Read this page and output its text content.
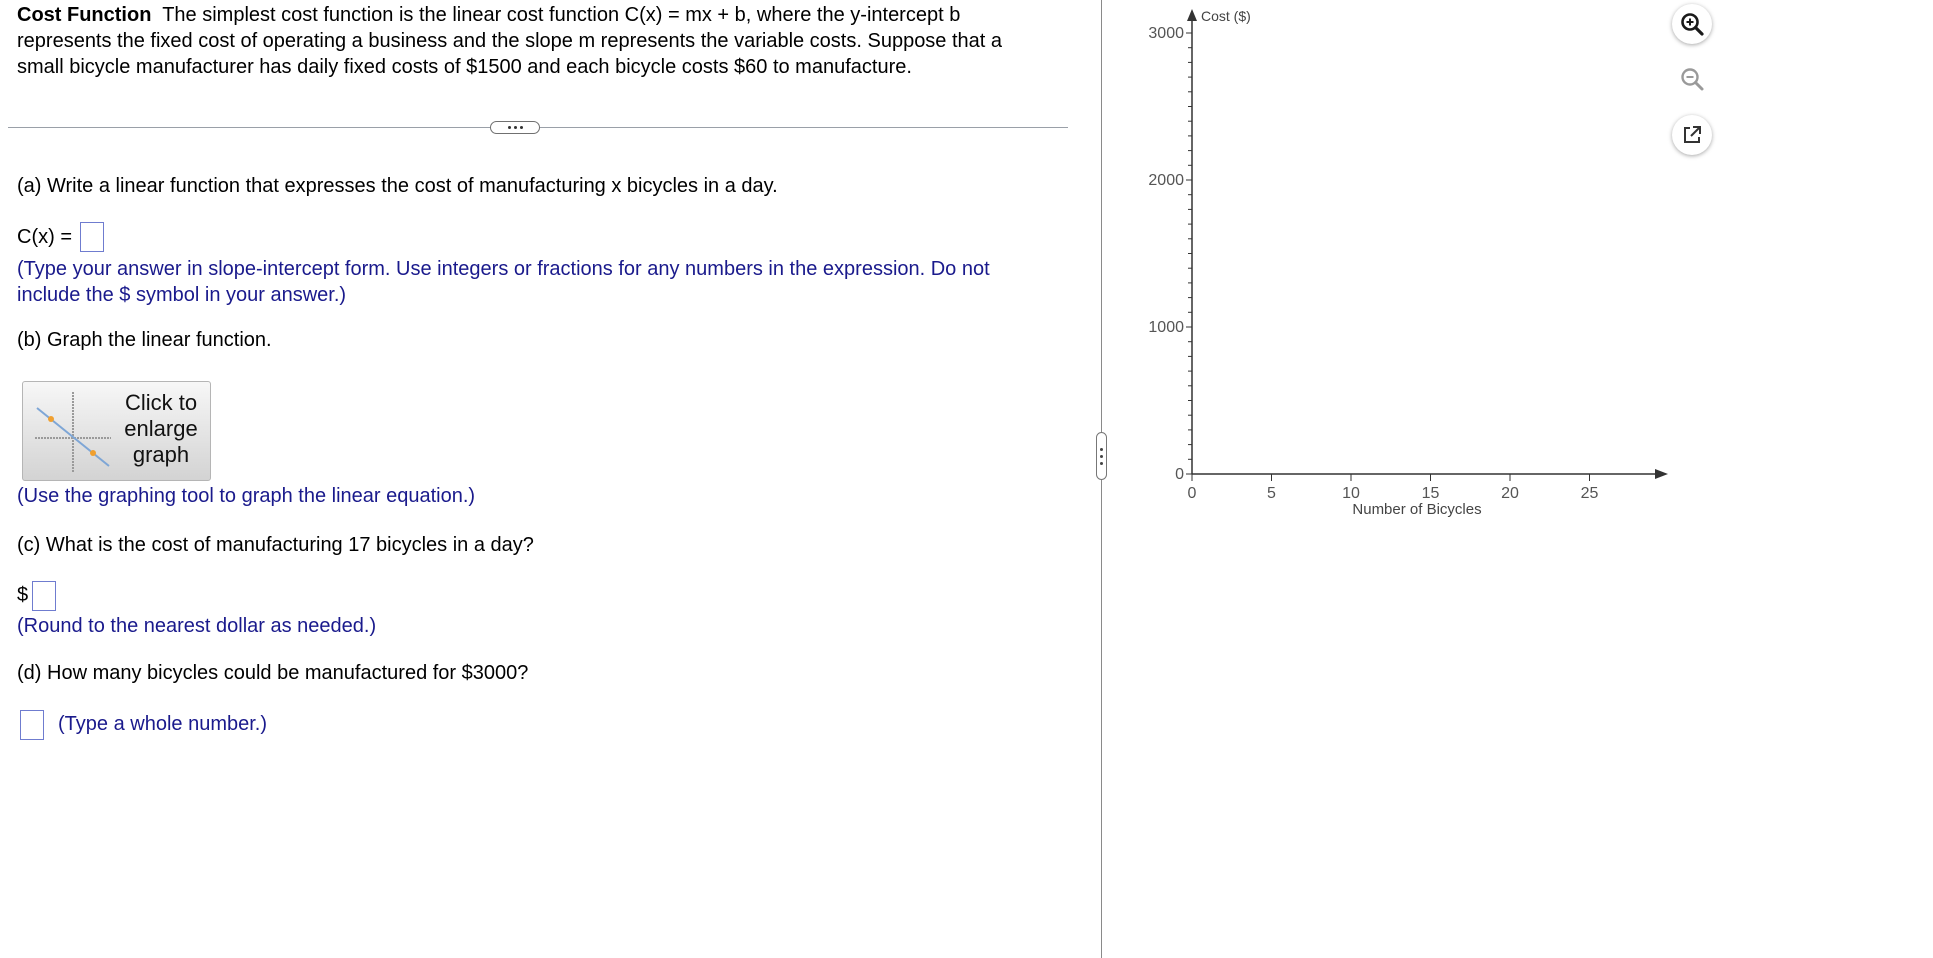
Cost Function The simplest cost function is the linear cost function C(x) = mx + b, where the y-intercept b
represents the fixed cost of operating a business and the slope m represents the variable costs. Suppose that a
small bicycle manufacturer has daily fixed costs of $1500 and each bicycle costs $60 to manufacture.
(a) Write a linear function that expresses the cost of manufacturing x bicycles in a day.
C(x) =
(Type your answer in slope-intercept form. Use integers or fractions for any numbers in the expression. Do not
include the $ symbol in your answer.)
(b) Graph the linear function.
Click to
enlarge
graph
(Use the graphing tool to graph the linear equation.)
(c) What is the cost of manufacturing 17 bicycles in a day?
$
(Round to the nearest dollar as needed.)
(d) How many bicycles could be manufactured for $3000?
(Type a whole number.)
0	5	10	15	20	25
0
1000
2000
3000
Cost ($)
Number of Bicycles
